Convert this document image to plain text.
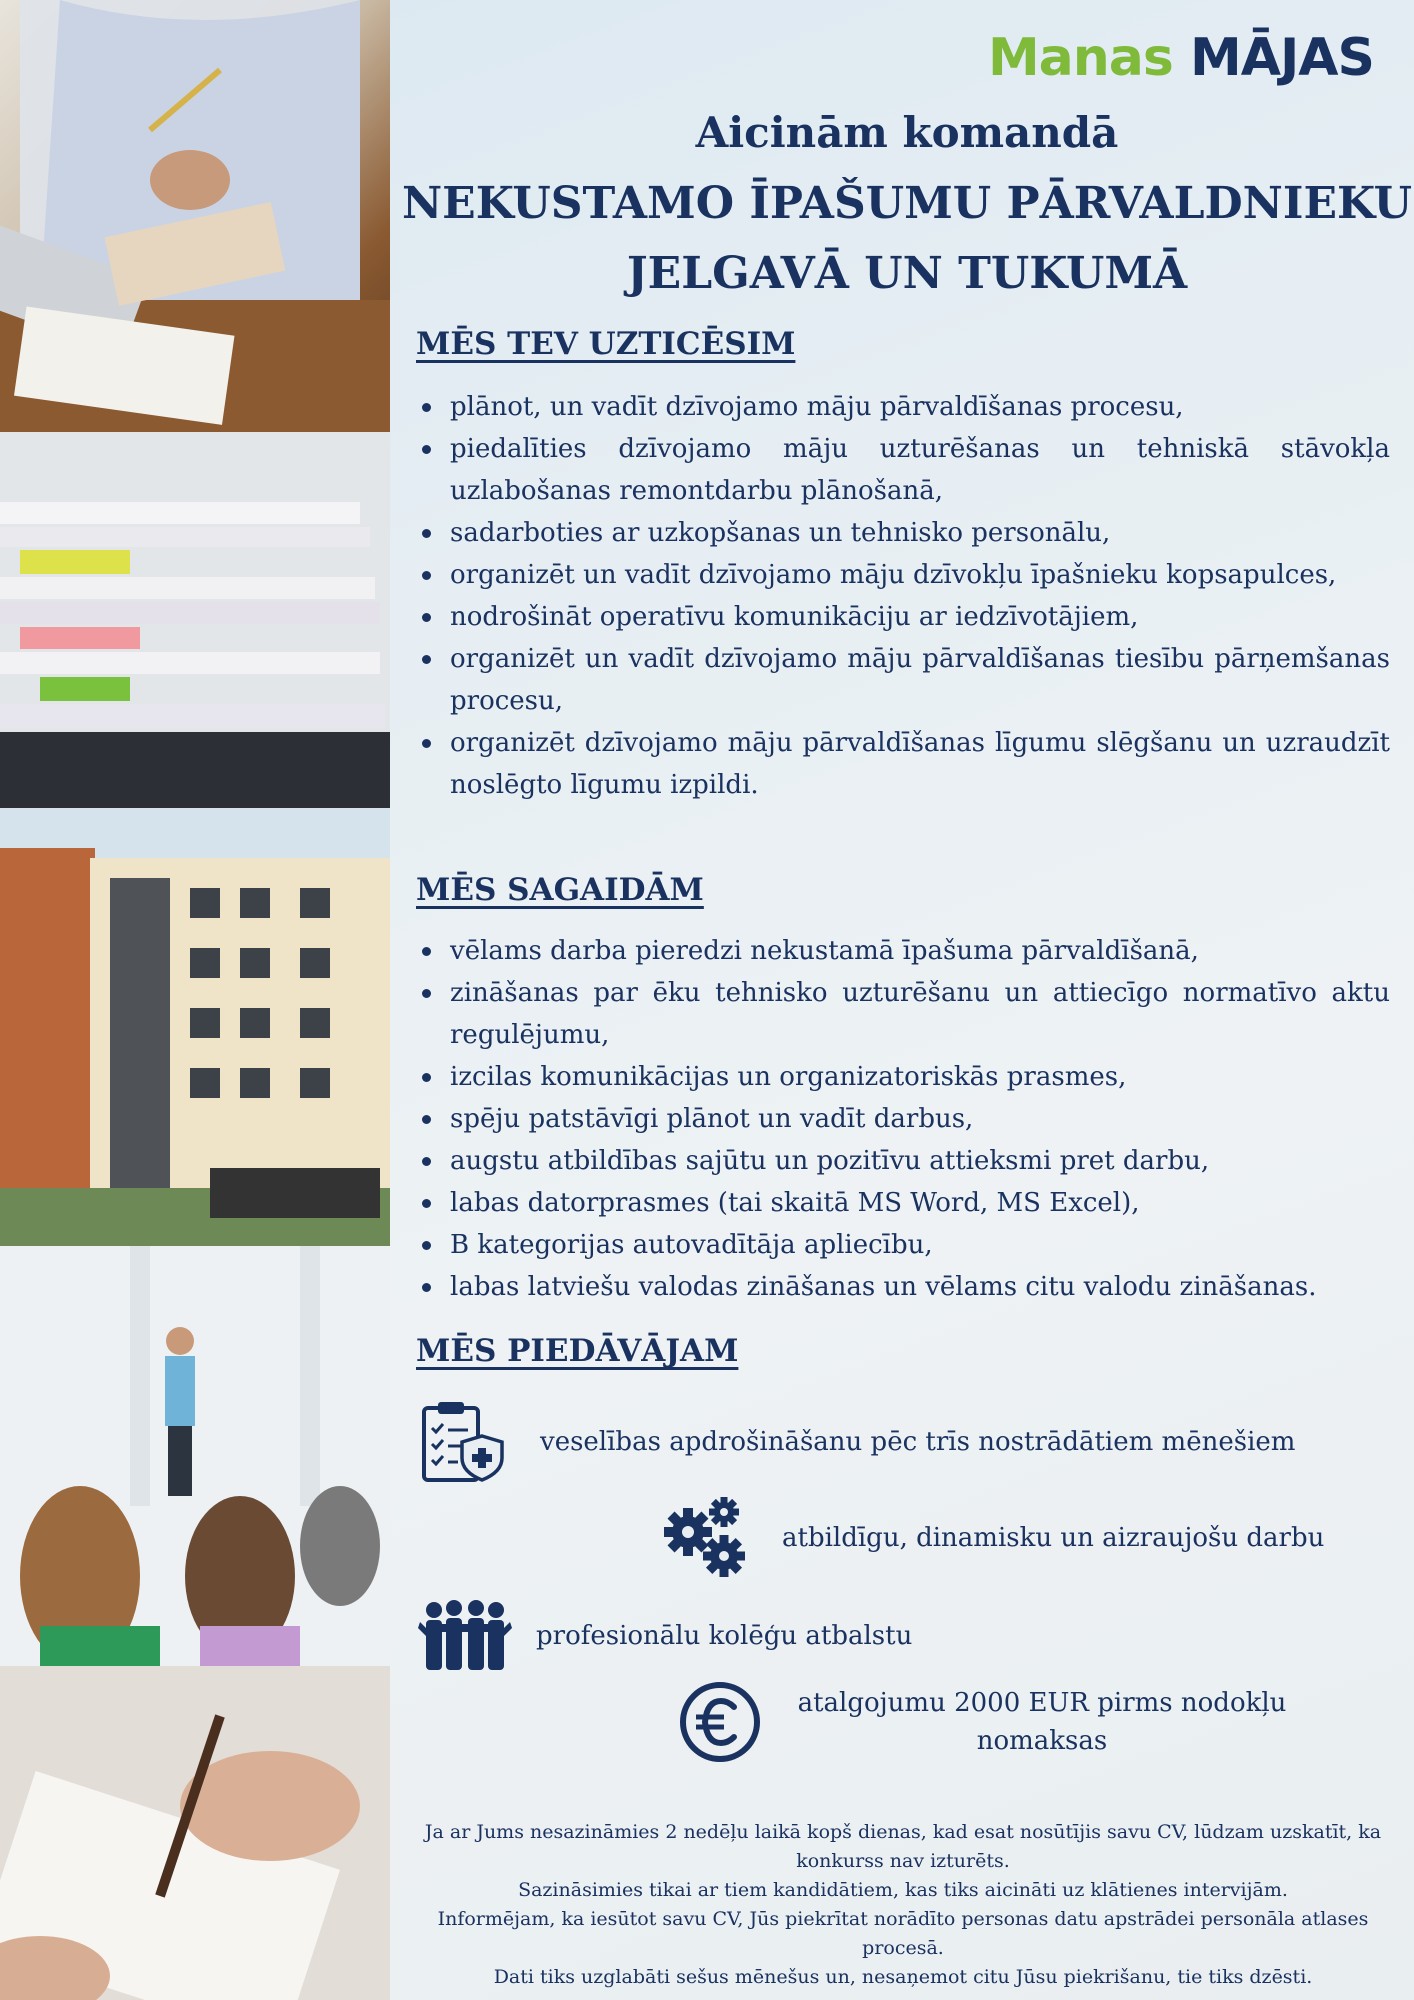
Manas MĀJAS
Aicinām komandā
NEKUSTAMO ĪPAŠUMU PĀRVALDNIEKU
JELGAVĀ UN TUKUMĀ
MĒS TEV UZTICĒSIM
plānot, un vadīt dzīvojamo māju pārvaldīšanas procesu,
piedalīties dzīvojamo māju uzturēšanas un tehniskā stāvokļa uzlabošanas remontdarbu plānošanā,
sadarboties ar uzkopšanas un tehnisko personālu,
organizēt un vadīt dzīvojamo māju dzīvokļu īpašnieku kopsapulces,
nodrošināt operatīvu komunikāciju ar iedzīvotājiem,
organizēt un vadīt dzīvojamo māju pārvaldīšanas tiesību pārņemšanas procesu,
organizēt dzīvojamo māju pārvaldīšanas līgumu slēgšanu un uzraudzīt noslēgto līgumu izpildi.
MĒS SAGAIDĀM
vēlams darba pieredzi nekustamā īpašuma pārvaldīšanā,
zināšanas par ēku tehnisko uzturēšanu un attiecīgo normatīvo aktu regulējumu,
izcilas komunikācijas un organizatoriskās prasmes,
spēju patstāvīgi plānot un vadīt darbus,
augstu atbildības sajūtu un pozitīvu attieksmi pret darbu,
labas datorprasmes (tai skaitā MS Word, MS Excel),
B kategorijas autovadītāja apliecību,
labas latviešu valodas zināšanas un vēlams citu valodu zināšanas.
MĒS PIEDĀVĀJAM
veselības apdrošināšanu pēc trīs nostrādātiem mēnešiem
atbildīgu, dinamisku un aizraujošu darbu
profesionālu kolēģu atbalstu
atalgojumu 2000 EUR pirms nodokļu nomaksas

Ja ar Jums nesazināmies 2 nedēļu laikā kopš dienas, kad esat nosūtījis savu CV, lūdzam uzskatīt, ka konkurss nav izturēts.

Sazināsimies tikai ar tiem kandidātiem, kas tiks aicināti uz klātienes intervijām.

Informējam, ka iesūtot savu CV, Jūs piekrītat norādīto personas datu apstrādei personāla atlases procesā.

Dati tiks uzglabāti sešus mēnešus un, nesaņemot citu Jūsu piekrišanu, tie tiks dzēsti.
